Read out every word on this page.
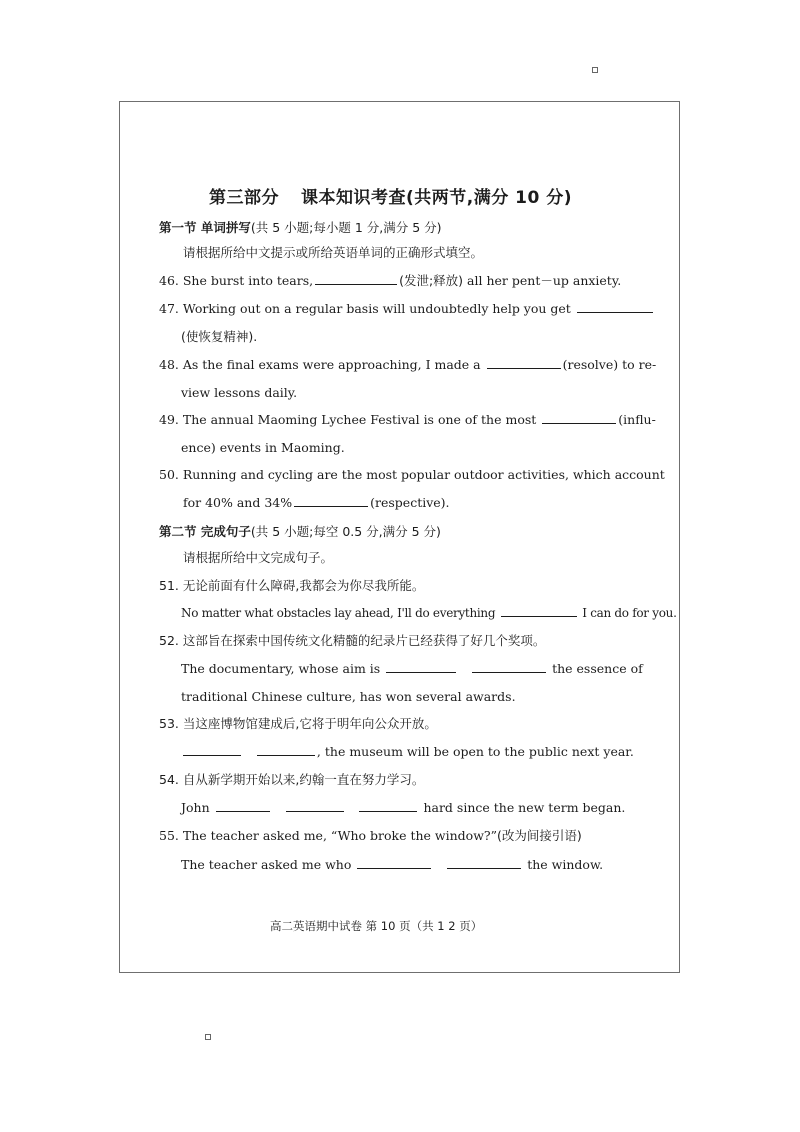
第三部分 课本知识考查(共两节,满分 10 分)
第一节 单词拼写(共 5 小题;每小题 1 分,满分 5 分)
请根据所给中文提示或所给英语单词的正确形式填空。
46. She burst into tears,	(发泄;释放) all her pent－up anxiety.
47. Working out on a regular basis will undoubtedly help you get
(使恢复精神).
48. As the final exams were approaching, I made a	(resolve) to re-
view lessons daily.
49. The annual Maoming Lychee Festival is one of the most	(influ-
ence) events in Maoming.
50. Running and cycling are the most popular outdoor activities, which account
for 40% and 34%	(respective).
第二节 完成句子(共 5 小题;每空 0.5 分,满分 5 分)
请根据所给中文完成句子。
51. 无论前面有什么障碍,我都会为你尽我所能。
No matter what obstacles lay ahead, I'll do everything	I can do for you.
52. 这部旨在探索中国传统文化精髓的纪录片已经获得了好几个奖项。
The documentary, whose aim is	the essence of
traditional Chinese culture, has won several awards.
53. 当这座博物馆建成后,它将于明年向公众开放。
, the museum will be open to the public next year.
54. 自从新学期开始以来,约翰一直在努力学习。
John	hard since the new term began.
55. The teacher asked me, “Who broke the window?”(改为间接引语)
The teacher asked me who	the window.
高二英语期中试卷 第 10 页（共 1 2 页）
